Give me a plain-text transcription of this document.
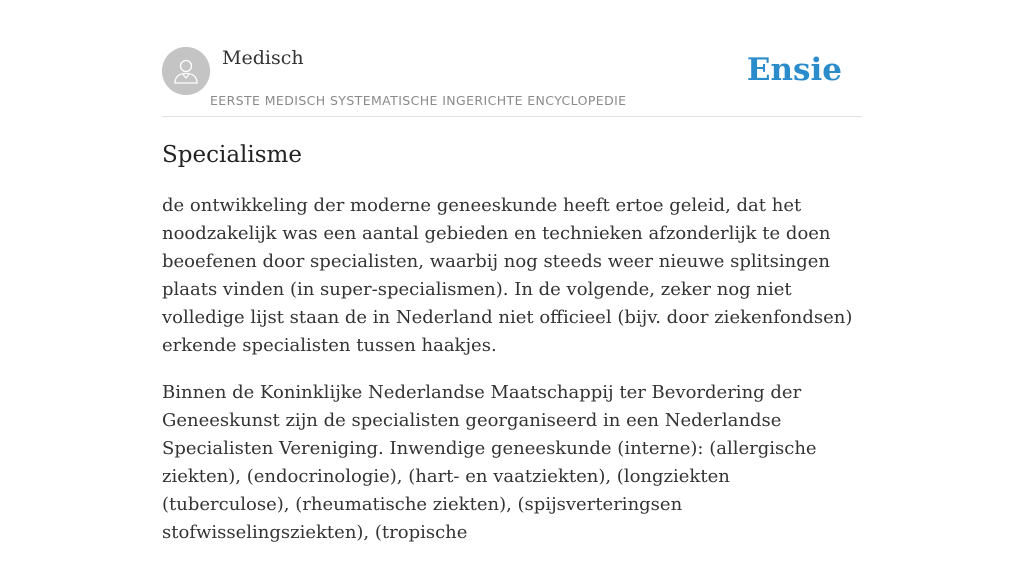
Medisch
EERSTE MEDISCH SYSTEMATISCHE INGERICHTE ENCYCLOPEDIE
Ensie
Specialisme

de ontwikkeling der moderne geneeskunde heeft ertoe geleid, dat het noodzakelijk was een aantal gebieden en technieken afzonderlijk te doen beoefenen door specialisten, waarbij nog steeds weer nieuwe splitsingen plaats vinden (in super-specialismen). In de volgende, zeker nog niet volledige lijst staan de in Nederland niet officieel (bijv. door ziekenfondsen) erkende specialisten tussen haakjes.

Binnen de Koninklijke Nederlandse Maatschappij ter Bevordering der Geneeskunst zijn de specialisten georganiseerd in een Nederlandse Specialisten Vereniging. Inwendige geneeskunde (interne): (allergische ziekten), (endocrinologie), (hart- en vaatziekten), (longziekten (tuberculose), (rheumatische ziekten), (spijsverteringsen stofwisselingsziekten), (tropische
